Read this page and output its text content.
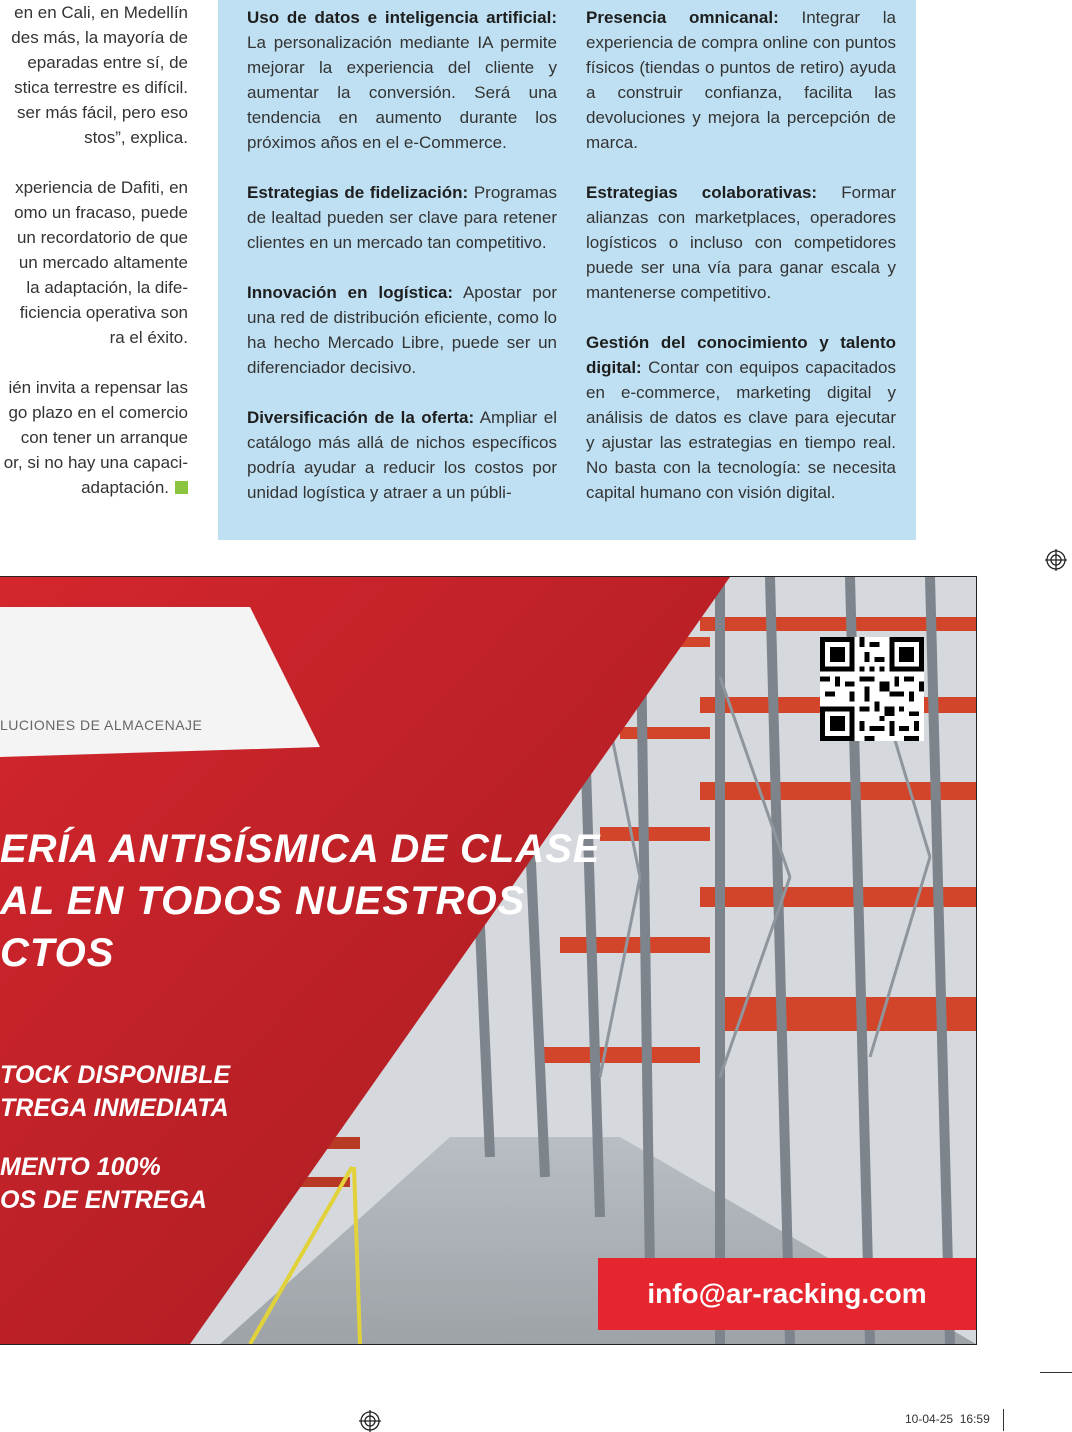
en en Cali, en Medellín
des más, la mayoría de
eparadas entre sí, de
stica terrestre es difícil.
ser más fácil, pero eso
stos”, explica.

xperiencia de Dafiti, en
omo un fracaso, puede
un recordatorio de que
un mercado altamente
la adaptación, la dife-
ficiencia operativa son
ra el éxito.

ién invita a repensar las
go plazo en el comercio
con tener un arranque
or, si no hay una capaci-
adaptación.

Uso de datos e inteligencia artificial: La personalización mediante IA permite mejorar la experiencia del cliente y aumentar la conversión. Será una tendencia en aumento durante los próximos años en el e-Commerce.

Estrategias de fidelización: Programas de lealtad pueden ser clave para retener clientes en un mercado tan competitivo.

Innovación en logística: Apostar por una red de distribución eficiente, como lo ha hecho Mercado Libre, puede ser un diferenciador decisivo.

Diversificación de la oferta: Ampliar el catálogo más allá de nichos específicos podría ayudar a reducir los costos por unidad logística y atraer a un públi-

Presencia omnicanal: Integrar la experiencia de compra online con puntos físicos (tiendas o puntos de retiro) ayuda a construir confianza, facilita las devoluciones y mejora la percepción de marca.

Estrategias colaborativas: Formar alianzas con marketplaces, operadores logísticos o incluso con competidores puede ser una vía para ganar escala y mantenerse competitivo.

Gestión del conocimiento y talento digital: Contar con equipos capacitados en e-commerce, marketing digital y análisis de datos es clave para ejecutar y ajustar las estrategias en tiempo real. No basta con la tecnología: se necesita capital humano con visión digital.

LUCIONES DE ALMACENAJE
ERÍA ANTISÍSMICA DE CLASE
AL EN TODOS NUESTROS
CTOS
TOCK DISPONIBLE
TREGA INMEDIATA
MENTO 100%
OS DE ENTREGA
info@ar-racking.com
10-04-25 16:59
